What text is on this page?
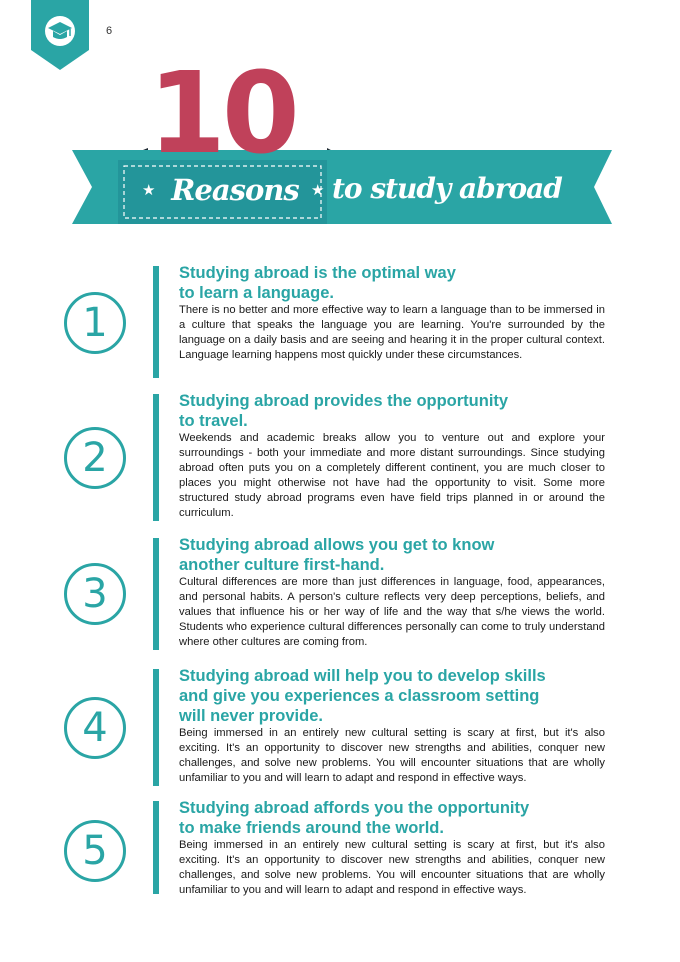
6
10
★ Reasons ★ to study abroad
1
Studying abroad is the optimal way
to learn a language.

There is no better and more effective way to learn a language than to be immersed in a culture that speaks the language you are learning. You're surrounded by the language on a daily basis and are seeing and hearing it in the proper cultural context. Language learning happens most quickly under these circumstances.

2
Studying abroad provides the opportunity
to travel.

Weekends and academic breaks allow you to venture out and explore your surroundings - both your immediate and more distant surroundings. Since studying abroad often puts you on a completely different continent, you are much closer to places you might otherwise not have had the opportunity to visit. Some more structured study abroad programs even have field trips planned in or around the curriculum.

3
Studying abroad allows you get to know
another culture first-hand.

Cultural differences are more than just differences in language, food, appearances, and personal habits. A person's culture reflects very deep perceptions, beliefs, and values that influence his or her way of life and the way that s/he views the world. Students who experience cultural differences personally can come to truly understand where other cultures are coming from.

4
Studying abroad will help you to develop skills
and give you experiences a classroom setting
will never provide.

Being immersed in an entirely new cultural setting is scary at first, but it's also exciting. It's an opportunity to discover new strengths and abilities, conquer new challenges, and solve new problems. You will encounter situations that are wholly unfamiliar to you and will learn to adapt and respond in effective ways.

5
Studying abroad affords you the opportunity
to make friends around the world.

Being immersed in an entirely new cultural setting is scary at first, but it's also exciting. It's an opportunity to discover new strengths and abilities, conquer new challenges, and solve new problems. You will encounter situations that are wholly unfamiliar to you and will learn to adapt and respond in effective ways.
